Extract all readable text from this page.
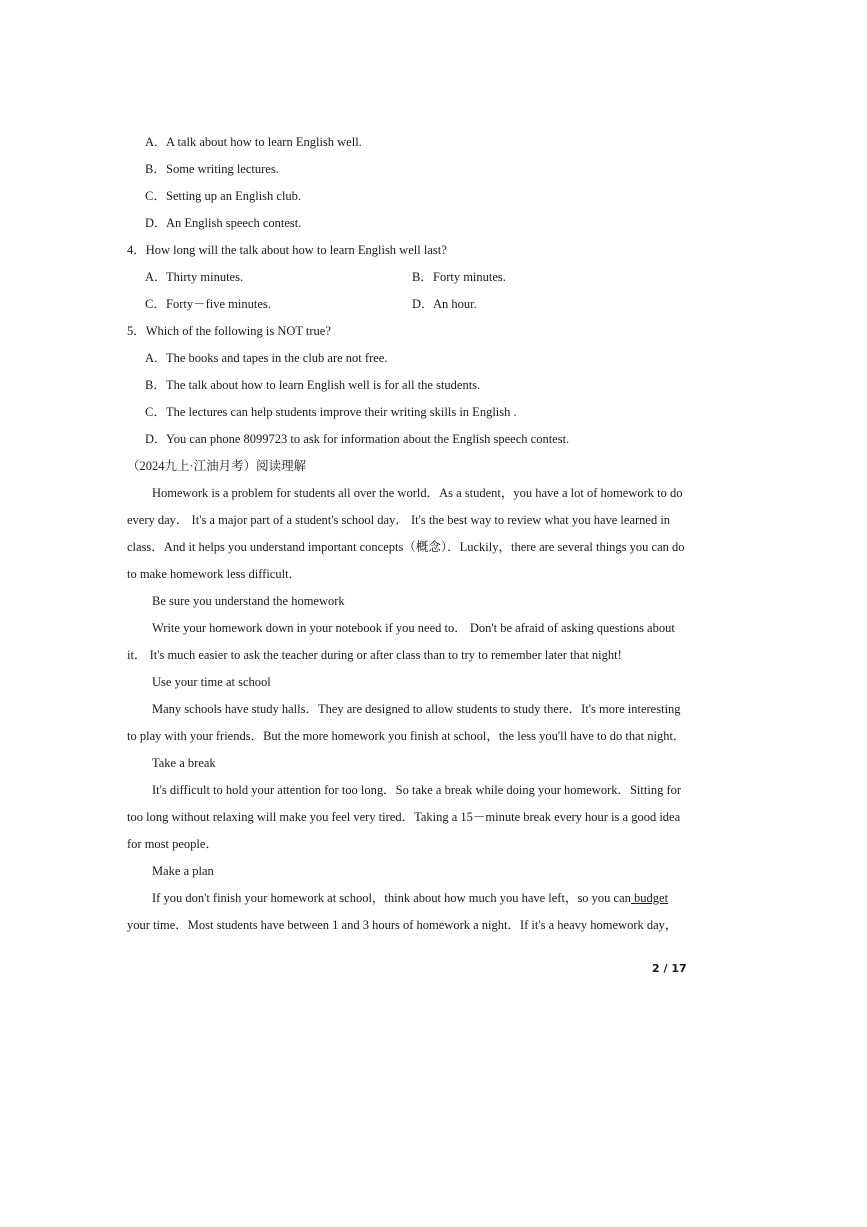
A．A talk about how to learn English well.
B．Some writing lectures.
C．Setting up an English club.
D．An English speech contest.
4．How long will the talk about how to learn English well last?
A．Thirty minutes.	B．Forty minutes.
C．Forty－five minutes.	D．An hour.
5．Which of the following is NOT true?
A．The books and tapes in the club are not free.
B．The talk about how to learn English well is for all the students.
C．The lectures can help students improve their writing skills in English .
D．You can phone 8099723 to ask for information about the English speech contest.
（2024九上·江油月考）阅读理解
Homework is a problem for students all over the world．As a student，you have a lot of homework to do
every day． It's a major part of a student's school day． It's the best way to review what you have learned in
class．And it helps you understand important concepts（概念）．Luckily，there are several things you can do
to make homework less difficult．
Be sure you understand the homework
Write your homework down in your notebook if you need to． Don't be afraid of asking questions about
it． It's much easier to ask the teacher during or after class than to try to remember later that night!
Use your time at school
Many schools have study halls．They are designed to allow students to study there．It's more interesting
to play with your friends．But the more homework you finish at school，the less you'll have to do that night．
Take a break
It's difficult to hold your attention for too long．So take a break while doing your homework．Sitting for
too long without relaxing will make you feel very tired．Taking a 15－minute break every hour is a good idea
for most people．
Make a plan
If you don't finish your homework at school，think about how much you have left，so you can budget
your time．Most students have between 1 and 3 hours of homework a night．If it's a heavy homework day，
2 / 17
